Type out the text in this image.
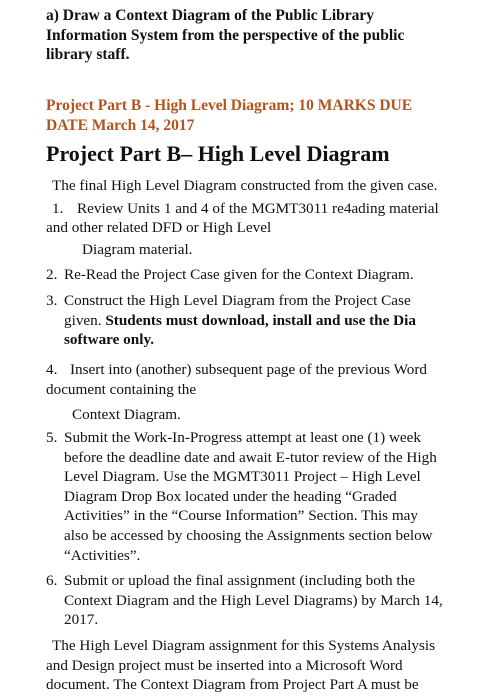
a) Draw a Context Diagram of the Public Library
Information System from the perspective of the public
library staff.
Project Part B - High Level Diagram; 10 MARKS DUE
DATE March 14, 2017
Project Part B– High Level Diagram
The final High Level Diagram constructed from the given case.
1. Review Units 1 and 4 of the MGMT3011 re4ading material
and other related DFD or High Level
Diagram material.
2. Re-Read the Project Case given for the Context Diagram.
3. Construct the High Level Diagram from the Project Case
given. Students must download, install and use the Dia
software only.
4. Insert into (another) subsequent page of the previous Word
document containing the
Context Diagram.
5. Submit the Work-In-Progress attempt at least one (1) week
before the deadline date and await E-tutor review of the High
Level Diagram. Use the MGMT3011 Project – High Level
Diagram Drop Box located under the heading “Graded
Activities” in the “Course Information” Section. This may
also be accessed by choosing the Assignments section below
“Activities”.
6. Submit or upload the final assignment (including both the
Context Diagram and the High Level Diagrams) by March 14,
2017.
The High Level Diagram assignment for this Systems Analysis
and Design project must be inserted into a Microsoft Word
document. The Context Diagram from Project Part A must be
